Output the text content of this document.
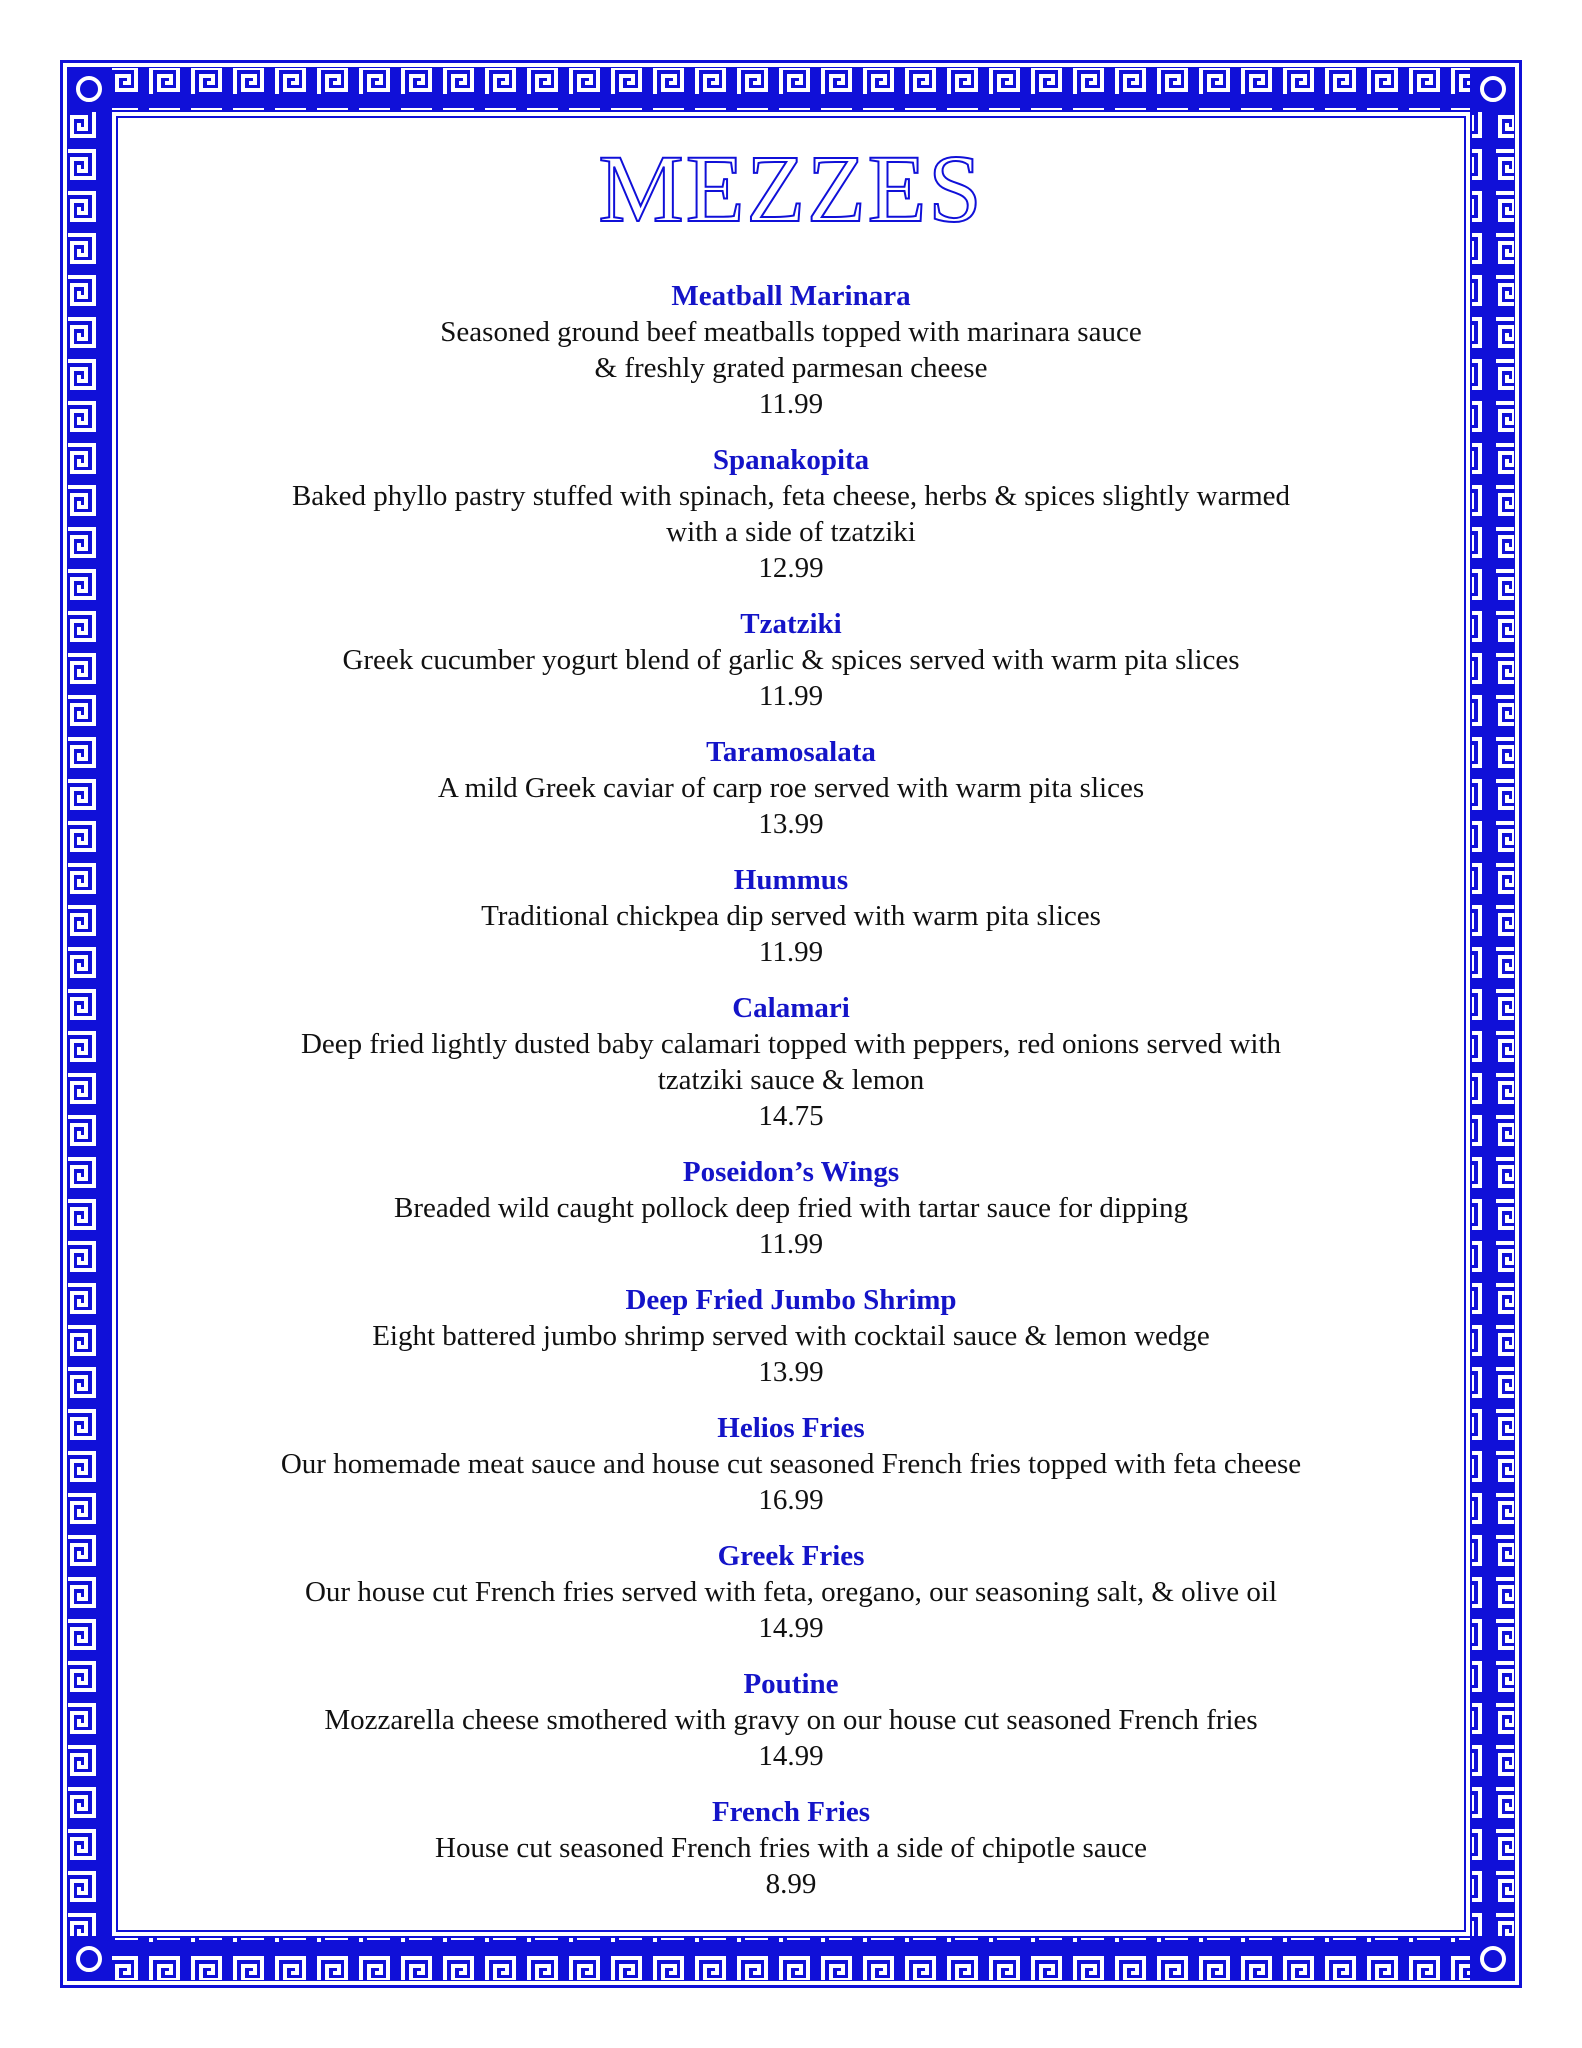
MEZZES
Meatball Marinara
Seasoned ground beef meatballs topped with marinara sauce
& freshly grated parmesan cheese
11.99
Spanakopita
Baked phyllo pastry stuffed with spinach, feta cheese, herbs & spices slightly warmed
with a side of tzatziki
12.99
Tzatziki
Greek cucumber yogurt blend of garlic & spices served with warm pita slices
11.99
Taramosalata
A mild Greek caviar of carp roe served with warm pita slices
13.99
Hummus
Traditional chickpea dip served with warm pita slices
11.99
Calamari
Deep fried lightly dusted baby calamari topped with peppers, red onions served with
tzatziki sauce & lemon
14.75
Poseidon’s Wings
Breaded wild caught pollock deep fried with tartar sauce for dipping
11.99
Deep Fried Jumbo Shrimp
Eight battered jumbo shrimp served with cocktail sauce & lemon wedge
13.99
Helios Fries
Our homemade meat sauce and house cut seasoned French fries topped with feta cheese
16.99
Greek Fries
Our house cut French fries served with feta, oregano, our seasoning salt, & olive oil
14.99
Poutine
Mozzarella cheese smothered with gravy on our house cut seasoned French fries
14.99
French Fries
House cut seasoned French fries with a side of chipotle sauce
8.99
